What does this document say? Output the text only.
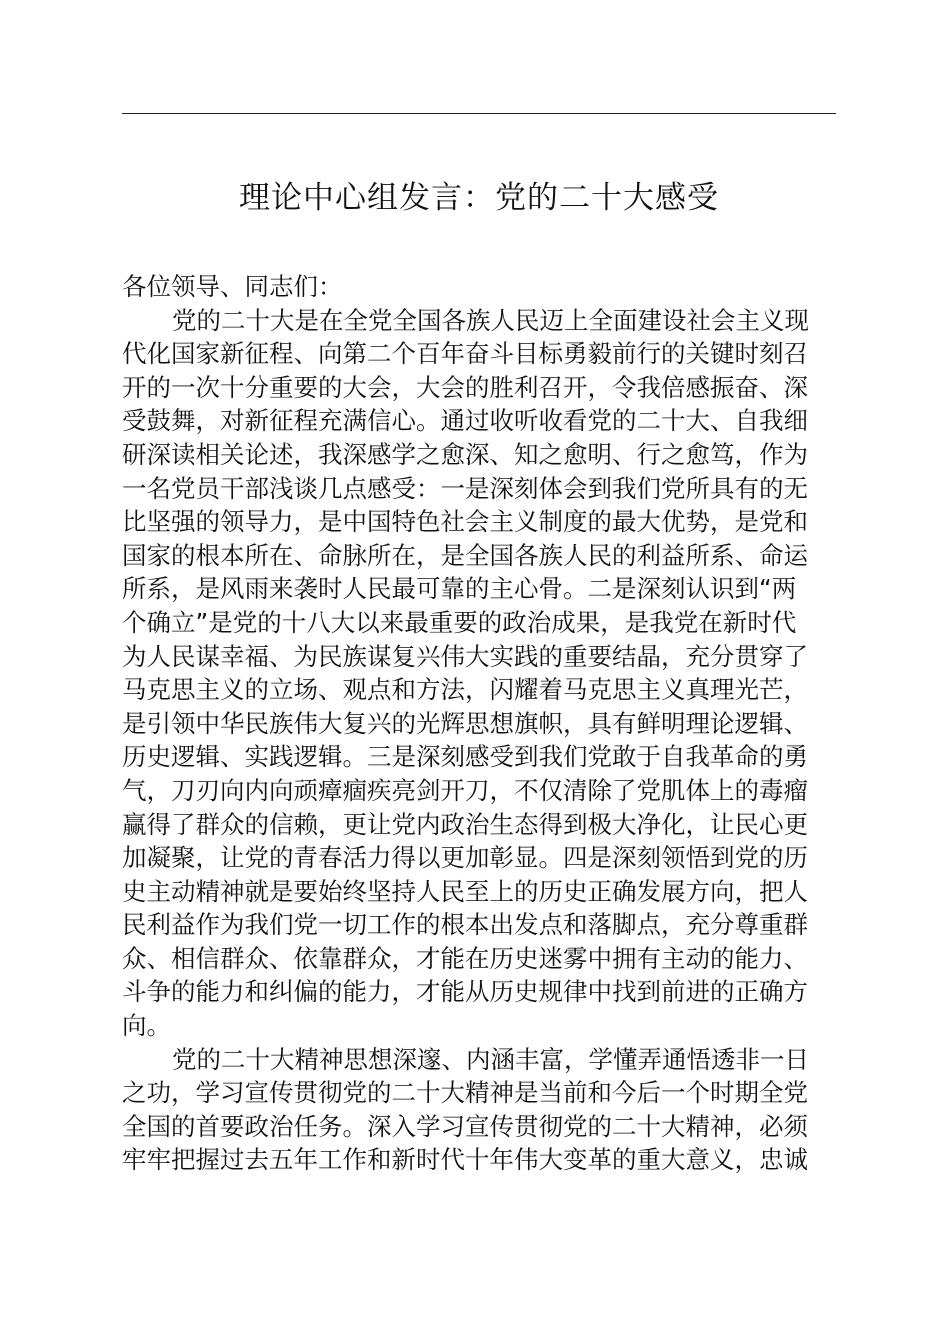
理论中心组发言：党的二十大感受

各位领导、同志们：

党的二十大是在全党全国各族人民迈上全面建设社会主义现

代化国家新征程、向第二个百年奋斗目标勇毅前行的关键时刻召

开的一次十分重要的大会，大会的胜利召开，令我倍感振奋、深

受鼓舞，对新征程充满信心。通过收听收看党的二十大、自我细

研深读相关论述，我深感学之愈深、知之愈明、行之愈笃，作为

一名党员干部浅谈几点感受：一是深刻体会到我们党所具有的无

比坚强的领导力，是中国特色社会主义制度的最大优势，是党和

国家的根本所在、命脉所在，是全国各族人民的利益所系、命运

所系，是风雨来袭时人民最可靠的主心骨。二是深刻认识到“两

个确立”是党的十八大以来最重要的政治成果，是我党在新时代

为人民谋幸福、为民族谋复兴伟大实践的重要结晶，充分贯穿了

马克思主义的立场、观点和方法，闪耀着马克思主义真理光芒，

是引领中华民族伟大复兴的光辉思想旗帜，具有鲜明理论逻辑、

历史逻辑、实践逻辑。三是深刻感受到我们党敢于自我革命的勇

气，刀刃向内向顽瘴痼疾亮剑开刀，不仅清除了党肌体上的毒瘤

赢得了群众的信赖，更让党内政治生态得到极大净化，让民心更

加凝聚，让党的青春活力得以更加彰显。四是深刻领悟到党的历

史主动精神就是要始终坚持人民至上的历史正确发展方向，把人

民利益作为我们党一切工作的根本出发点和落脚点，充分尊重群

众、相信群众、依靠群众，才能在历史迷雾中拥有主动的能力、

斗争的能力和纠偏的能力，才能从历史规律中找到前进的正确方

向。

党的二十大精神思想深邃、内涵丰富，学懂弄通悟透非一日

之功，学习宣传贯彻党的二十大精神是当前和今后一个时期全党

全国的首要政治任务。深入学习宣传贯彻党的二十大精神，必须

牢牢把握过去五年工作和新时代十年伟大变革的重大意义，忠诚
